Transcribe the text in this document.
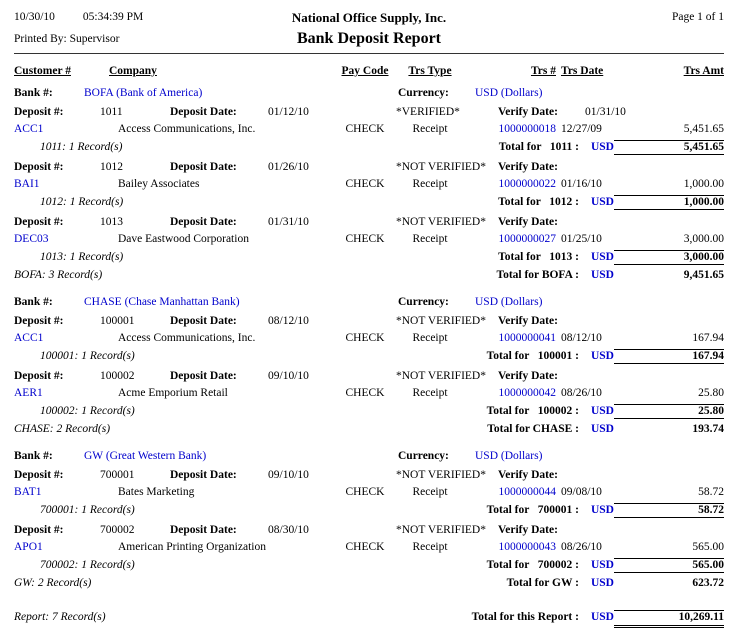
10/30/10 05:34:39 PM
Printed By: Supervisor
National Office Supply, Inc.
Bank Deposit Report
Page 1 of 1
Customer #	Company	Pay Code	Trs Type	Trs # Trs Date	Trs Amt
Bank #:	BOFA (Bank of America)	Currency:	USD (Dollars)
Deposit #:	1011	Deposit Date:	01/12/10	*VERIFIED*	Verify Date:	01/31/10
ACC1	Access Communications, Inc.	CHECK	Receipt	1000000018 12/27/09	5,451.65
1011: 1 Record(s)	Total for   1011 : USD	5,451.65
Deposit #:	1012	Deposit Date:	01/26/10	*NOT VERIFIED*	Verify Date:
BAI1	Bailey Associates	CHECK	Receipt	1000000022 01/16/10	1,000.00
1012: 1 Record(s)	Total for   1012 : USD	1,000.00
Deposit #:	1013	Deposit Date:	01/31/10	*NOT VERIFIED*	Verify Date:
DEC03	Dave Eastwood Corporation	CHECK	Receipt	1000000027 01/25/10	3,000.00
1013: 1 Record(s)	Total for   1013 : USD	3,000.00
BOFA: 3 Record(s)	Total for BOFA : USD	9,451.65
Bank #:	CHASE (Chase Manhattan Bank)	Currency:	USD (Dollars)
Deposit #:	100001	Deposit Date:	08/12/10	*NOT VERIFIED*	Verify Date:
ACC1	Access Communications, Inc.	CHECK	Receipt	1000000041 08/12/10	167.94
100001: 1 Record(s)	Total for   100001 : USD	167.94
Deposit #:	100002	Deposit Date:	09/10/10	*NOT VERIFIED*	Verify Date:
AER1	Acme Emporium Retail	CHECK	Receipt	1000000042 08/26/10	25.80
100002: 1 Record(s)	Total for   100002 : USD	25.80
CHASE: 2 Record(s)	Total for CHASE : USD	193.74
Bank #:	GW (Great Western Bank)	Currency:	USD (Dollars)
Deposit #:	700001	Deposit Date:	09/10/10	*NOT VERIFIED*	Verify Date:
BAT1	Bates Marketing	CHECK	Receipt	1000000044 09/08/10	58.72
700001: 1 Record(s)	Total for   700001 : USD	58.72
Deposit #:	700002	Deposit Date:	08/30/10	*NOT VERIFIED*	Verify Date:
APO1	American Printing Organization	CHECK	Receipt	1000000043 08/26/10	565.00
700002: 1 Record(s)	Total for   700002 : USD	565.00
GW: 2 Record(s)	Total for GW : USD	623.72
Report: 7 Record(s)	Total for this Report : USD	10,269.11
